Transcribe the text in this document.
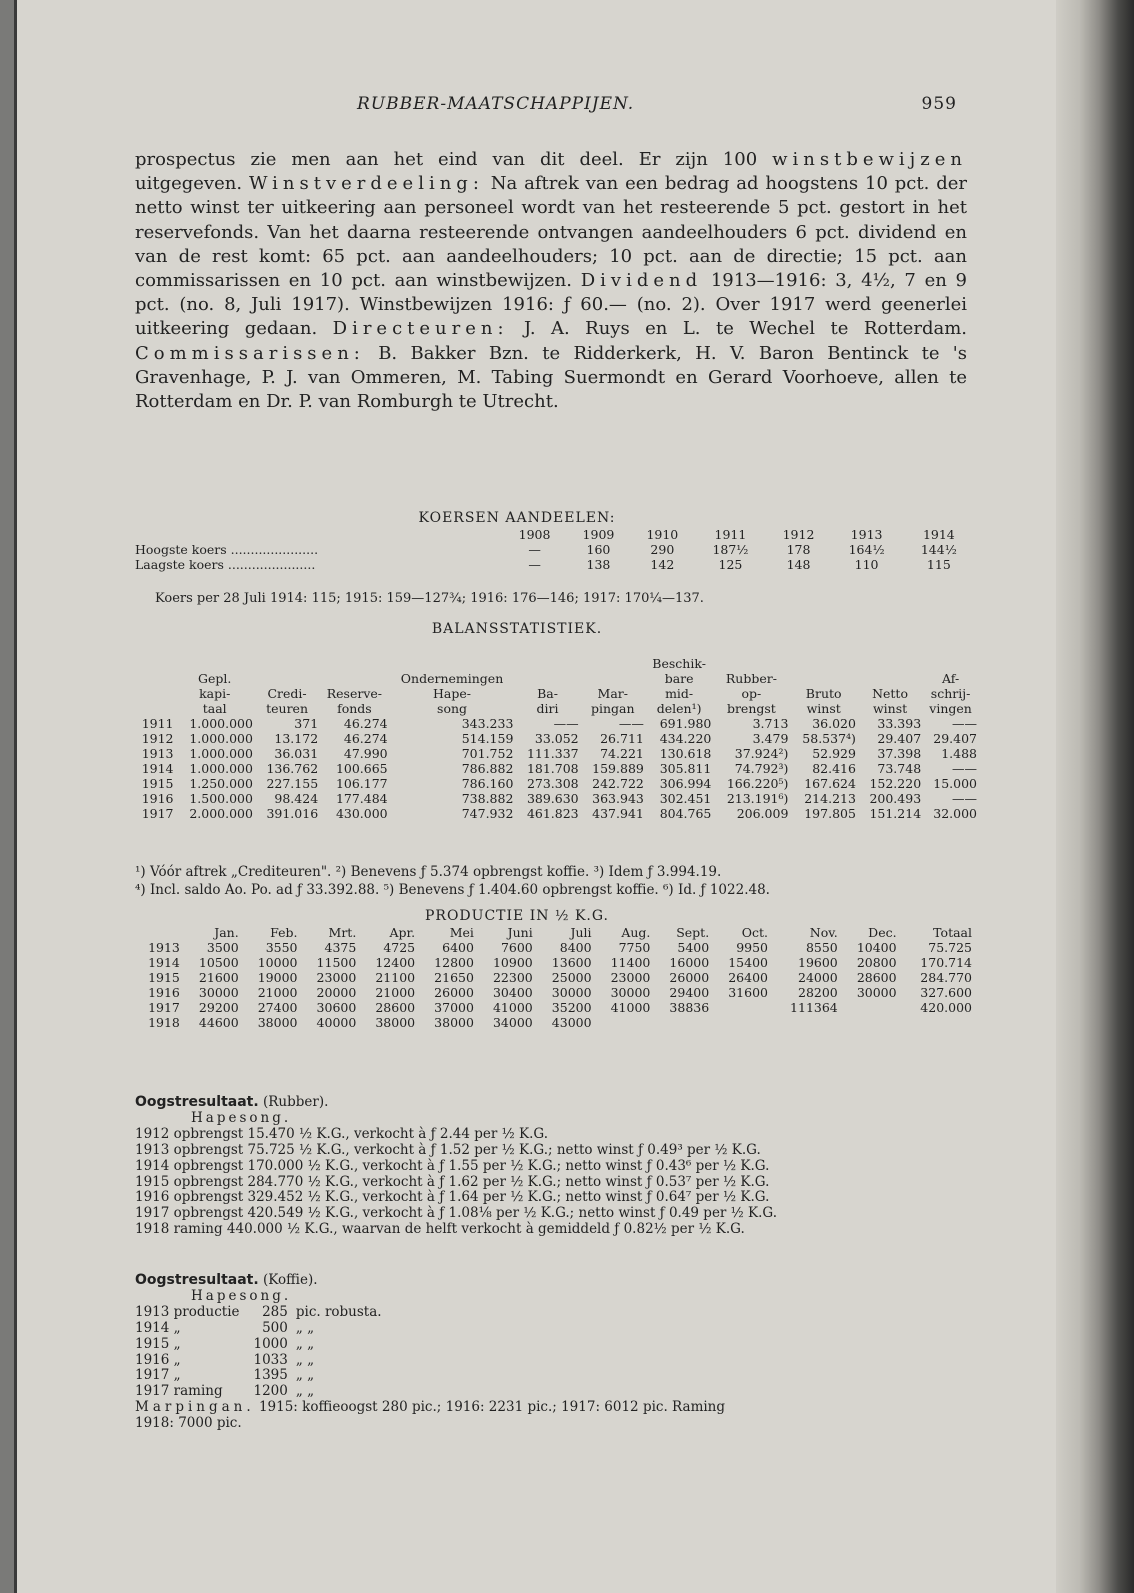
RUBBER-MAATSCHAPPIJEN.	959
prospectus zie men aan het eind van dit deel. Er zijn 100 winstbewijzen uitgegeven. Winstverdeeling: Na aftrek van een bedrag ad hoogstens 10 pct. der netto winst ter uitkeering aan personeel wordt van het resteerende 5 pct. gestort in het reservefonds. Van het daarna resteerende ontvangen aandeelhouders 6 pct. dividend en van de rest komt: 65 pct. aan aandeelhouders; 10 pct. aan de directie; 15 pct. aan commissarissen en 10 pct. aan winstbewijzen. Dividend 1913—1916: 3, 4½, 7 en 9 pct. (no. 8, Juli 1917). Winstbewijzen 1916: ƒ 60.— (no. 2). Over 1917 werd geenerlei uitkeering gedaan. Directeuren: J. A. Ruys en L. te Wechel te Rotterdam. Commissarissen: B. Bakker Bzn. te Ridderkerk, H. V. Baron Bentinck te 's Gravenhage, P. J. van Ommeren, M. Tabing Suermondt en Gerard Voorhoeve, allen te Rotterdam en Dr. P. van Romburgh te Utrecht.
KOERSEN AANDEELEN:
	1908	1909	1910	1911	1912	1913	1914
Hoogste koers ......................	—	160	290	187½	178	164½	144½
Laagste koers ......................	—	138	142	125	148	110	115
Koers per 28 Juli 1914: 115; 1915: 159—127¾; 1916: 176—146; 1917: 170¼—137.
BALANSSTATISTIEK.
							Beschik-				
	Gepl.			Ondernemingen			bare	Rubber-			Af-
	kapi-	Credi-	Reserve-	Hape-	Ba-	Mar-	mid-	op-	Bruto	Netto	schrij-
	taal	teuren	fonds	song	diri	pingan	delen¹)	brengst	winst	winst	vingen
1911	1.000.000	371	46.274	343.233	——	——	691.980	3.713	36.020	33.393	——
1912	1.000.000	13.172	46.274	514.159	33.052	26.711	434.220	3.479	58.537⁴)	29.407	29.407
1913	1.000.000	36.031	47.990	701.752	111.337	74.221	130.618	37.924²)	52.929	37.398	1.488
1914	1.000.000	136.762	100.665	786.882	181.708	159.889	305.811	74.792³)	82.416	73.748	——
1915	1.250.000	227.155	106.177	786.160	273.308	242.722	306.994	166.220⁵)	167.624	152.220	15.000
1916	1.500.000	98.424	177.484	738.882	389.630	363.943	302.451	213.191⁶)	214.213	200.493	——
1917	2.000.000	391.016	430.000	747.932	461.823	437.941	804.765	206.009	197.805	151.214	32.000
¹) Vóór aftrek „Crediteuren". ²) Benevens ƒ 5.374 opbrengst koffie. ³) Idem ƒ 3.994.19.
⁴) Incl. saldo Ao. Po. ad ƒ 33.392.88. ⁵) Benevens ƒ 1.404.60 opbrengst koffie. ⁶) Id. ƒ 1022.48.
PRODUCTIE IN ½ K.G.
	Jan.	Feb.	Mrt.	Apr.	Mei	Juni	Juli	Aug.	Sept.	Oct.	Nov.	Dec.	Totaal
1913	3500	3550	4375	4725	6400	7600	8400	7750	5400	9950	8550	10400	75.725
1914	10500	10000	11500	12400	12800	10900	13600	11400	16000	15400	19600	20800	170.714
1915	21600	19000	23000	21100	21650	22300	25000	23000	26000	26400	24000	28600	284.770
1916	30000	21000	20000	21000	26000	30400	30000	30000	29400	31600	28200	30000	327.600
1917	29200	27400	30600	28600	37000	41000	35200	41000	38836		111364		420.000
1918	44600	38000	40000	38000	38000	34000	43000						
Oogstresultaat. (Rubber).
Hapesong.
1912 opbrengst 15.470 ½ K.G., verkocht à ƒ 2.44 per ½ K.G.
1913 opbrengst 75.725 ½ K.G., verkocht à ƒ 1.52 per ½ K.G.; netto winst ƒ 0.49³ per ½ K.G.
1914 opbrengst 170.000 ½ K.G., verkocht à ƒ 1.55 per ½ K.G.; netto winst ƒ 0.43⁶ per ½ K.G.
1915 opbrengst 284.770 ½ K.G., verkocht à ƒ 1.62 per ½ K.G.; netto winst ƒ 0.53⁷ per ½ K.G.
1916 opbrengst 329.452 ½ K.G., verkocht à ƒ 1.64 per ½ K.G.; netto winst ƒ 0.64⁷ per ½ K.G.
1917 opbrengst 420.549 ½ K.G., verkocht à ƒ 1.08⅛ per ½ K.G.; netto winst ƒ 0.49 per ½ K.G.
1918 raming 440.000 ½ K.G., waarvan de helft verkocht à gemiddeld ƒ 0.82½ per ½ K.G.
Oogstresultaat. (Koffie).
Hapesong.
1913 productie	285	pic. robusta.
1914 „	500	„ „
1915 „	1000	„ „
1916 „	1033	„ „
1917 „	1395	„ „
1917 raming	1200	„ „
Marpingan. 1915: koffieoogst 280 pic.; 1916: 2231 pic.; 1917: 6012 pic. Raming
1918: 7000 pic.
